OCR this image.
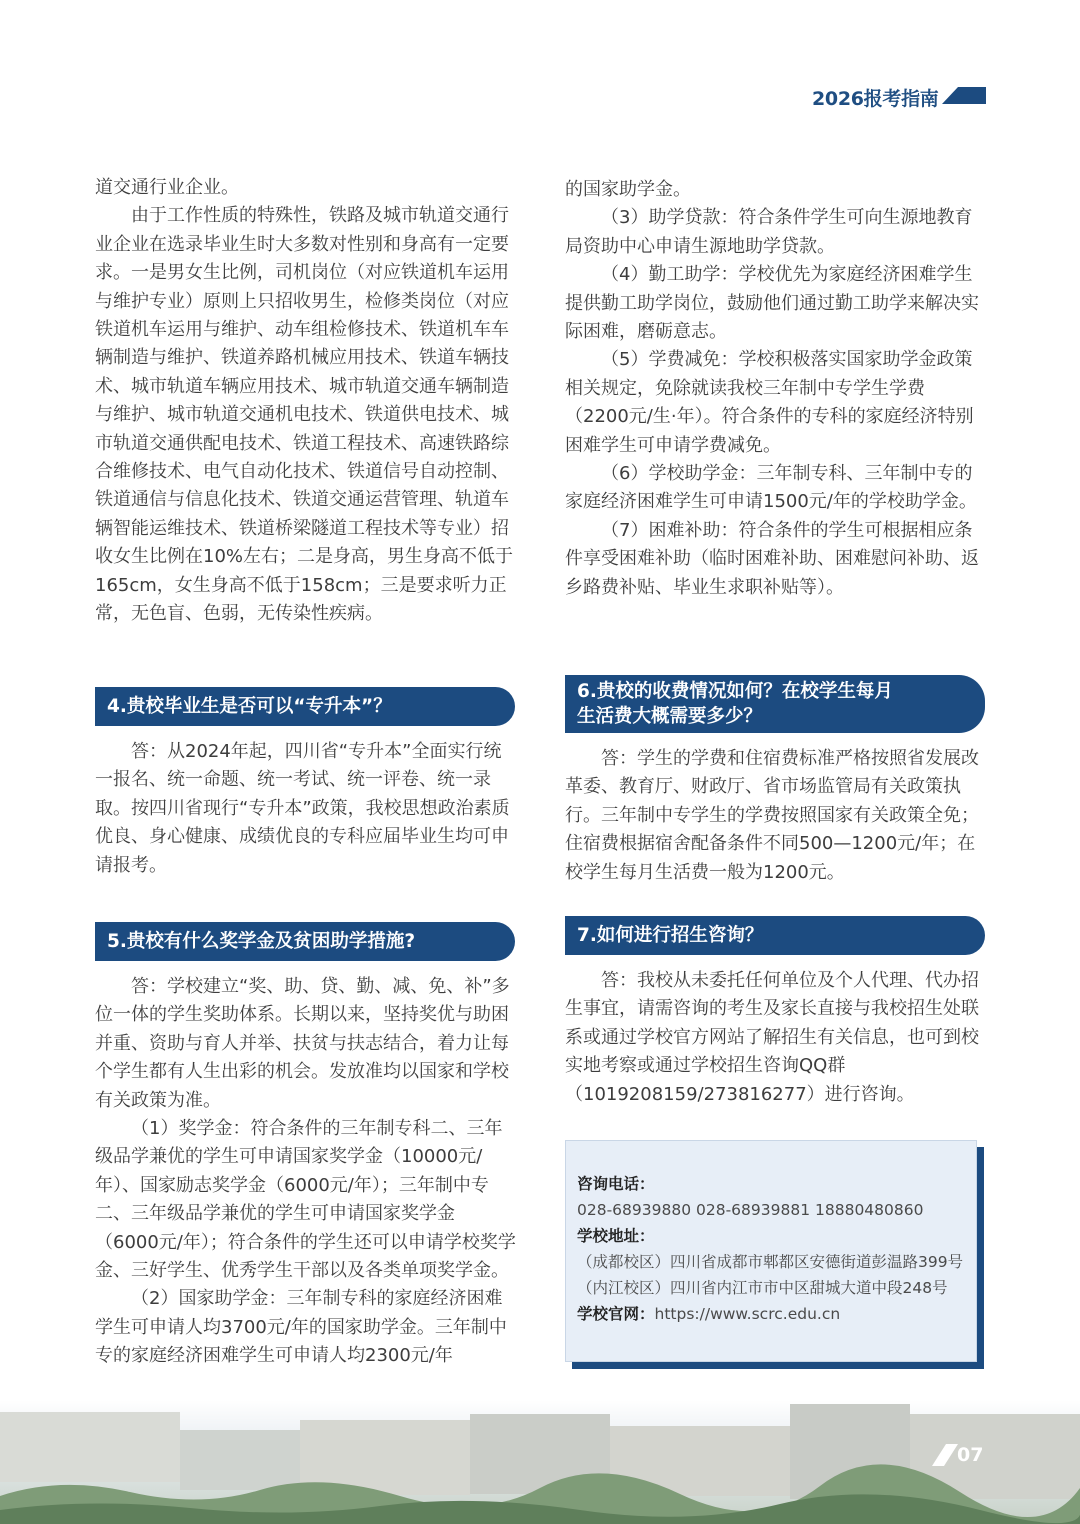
2026报考指南

道交通行业企业。

由于工作性质的特殊性，铁路及城市轨道交通行业企业在选录毕业生时大多数对性别和身高有一定要求。一是男女生比例，司机岗位（对应铁道机车运用与维护专业）原则上只招收男生，检修类岗位（对应铁道机车运用与维护、动车组检修技术、铁道机车车辆制造与维护、铁道养路机械应用技术、铁道车辆技术、城市轨道车辆应用技术、城市轨道交通车辆制造与维护、城市轨道交通机电技术、铁道供电技术、城市轨道交通供配电技术、铁道工程技术、高速铁路综合维修技术、电气自动化技术、铁道信号自动控制、铁道通信与信息化技术、铁道交通运营管理、轨道车辆智能运维技术、铁道桥梁隧道工程技术等专业）招收女生比例在10%左右；二是身高，男生身高不低于165cm，女生身高不低于158cm；三是要求听力正常，无色盲、色弱，无传染性疾病。

4.贵校毕业生是否可以“专升本”？

答：从2024年起，四川省“专升本”全面实行统一报名、统一命题、统一考试、统一评卷、统一录取。按四川省现行“专升本”政策，我校思想政治素质优良、身心健康、成绩优良的专科应届毕业生均可申请报考。

5.贵校有什么奖学金及贫困助学措施?

答：学校建立“奖、助、贷、勤、减、免、补”多位一体的学生奖助体系。长期以来，坚持奖优与助困并重、资助与育人并举、扶贫与扶志结合，着力让每个学生都有人生出彩的机会。发放准均以国家和学校有关政策为准。

（1）奖学金：符合条件的三年制专科二、三年级品学兼优的学生可申请国家奖学金（10000元/年）、国家励志奖学金（6000元/年）；三年制中专二、三年级品学兼优的学生可申请国家奖学金（6000元/年）；符合条件的学生还可以申请学校奖学金、三好学生、优秀学生干部以及各类单项奖学金。

（2）国家助学金：三年制专科的家庭经济困难学生可申请人均3700元/年的国家助学金。三年制中专的家庭经济困难学生可申请人均2300元/年

的国家助学金。

（3）助学贷款：符合条件学生可向生源地教育局资助中心申请生源地助学贷款。

（4）勤工助学：学校优先为家庭经济困难学生提供勤工助学岗位，鼓励他们通过勤工助学来解决实际困难，磨砺意志。

（5）学费减免：学校积极落实国家助学金政策相关规定，免除就读我校三年制中专学生学费（2200元/生·年）。符合条件的专科的家庭经济特别困难学生可申请学费减免。

（6）学校助学金：三年制专科、三年制中专的家庭经济困难学生可申请1500元/年的学校助学金。

（7）困难补助：符合条件的学生可根据相应条件享受困难补助（临时困难补助、困难慰问补助、返乡路费补贴、毕业生求职补贴等）。

6.贵校的收费情况如何？在校学生每月
生活费大概需要多少？

答：学生的学费和住宿费标准严格按照省发展改革委、教育厅、财政厅、省市场监管局有关政策执行。三年制中专学生的学费按照国家有关政策全免；住宿费根据宿舍配备条件不同500—1200元/年；在校学生每月生活费一般为1200元。

7.如何进行招生咨询？

答：我校从未委托任何单位及个人代理、代办招生事宜，请需咨询的考生及家长直接与我校招生处联系或通过学校官方网站了解招生有关信息，也可到校实地考察或通过学校招生咨询QQ群（1019208159/273816277）进行咨询。

咨询电话：
028-68939880 028-68939881 18880480860
学校地址：
（成都校区）四川省成都市郫都区安德街道彭温路399号
（内江校区）四川省内江市市中区甜城大道中段248号
学校官网：https://www.scrc.edu.cn
07
